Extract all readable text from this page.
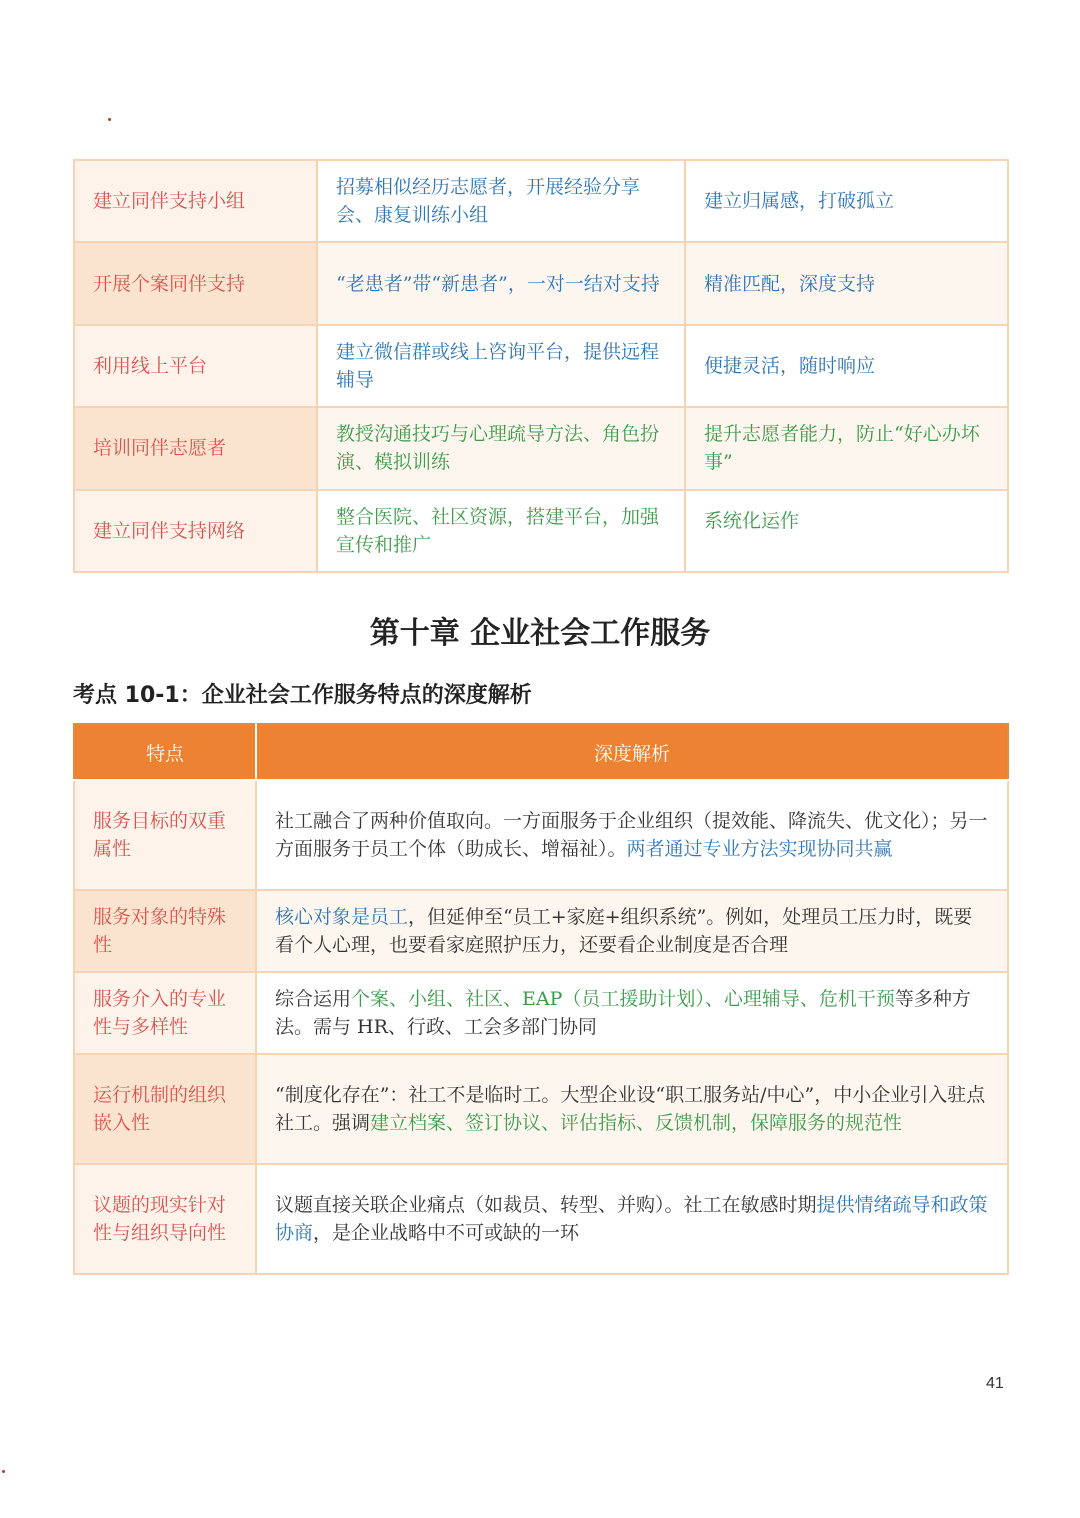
建立同伴支持小组	招募相似经历志愿者，开展经验分享会、康复训练小组	建立归属感，打破孤立
开展个案同伴支持	“老患者”带“新患者”，一对一结对支持	精准匹配，深度支持
利用线上平台	建立微信群或线上咨询平台，提供远程辅导	便捷灵活，随时响应
培训同伴志愿者	教授沟通技巧与心理疏导方法、角色扮演、模拟训练	提升志愿者能力，防止“好心办坏事”
建立同伴支持网络	整合医院、社区资源，搭建平台，加强宣传和推广	系统化运作
第十章 企业社会工作服务
考点 10-1：企业社会工作服务特点的深度解析
特点	深度解析
服务目标的双重属性	社工融合了两种价值取向。一方面服务于企业组织（提效能、降流失、优文化）；另一方面服务于员工个体（助成长、增福祉）。两者通过专业方法实现协同共赢
服务对象的特殊性	核心对象是员工，但延伸至“员工+家庭+组织系统”。例如，处理员工压力时，既要看个人心理，也要看家庭照护压力，还要看企业制度是否合理
服务介入的专业性与多样性	综合运用个案、小组、社区、EAP（员工援助计划）、心理辅导、危机干预等多种方法。需与 HR、行政、工会多部门协同
运行机制的组织嵌入性	“制度化存在”：社工不是临时工。大型企业设“职工服务站/中心”，中小企业引入驻点社工。强调建立档案、签订协议、评估指标、反馈机制，保障服务的规范性
议题的现实针对性与组织导向性	议题直接关联企业痛点（如裁员、转型、并购）。社工在敏感时期提供情绪疏导和政策协商，是企业战略中不可或缺的一环
41
